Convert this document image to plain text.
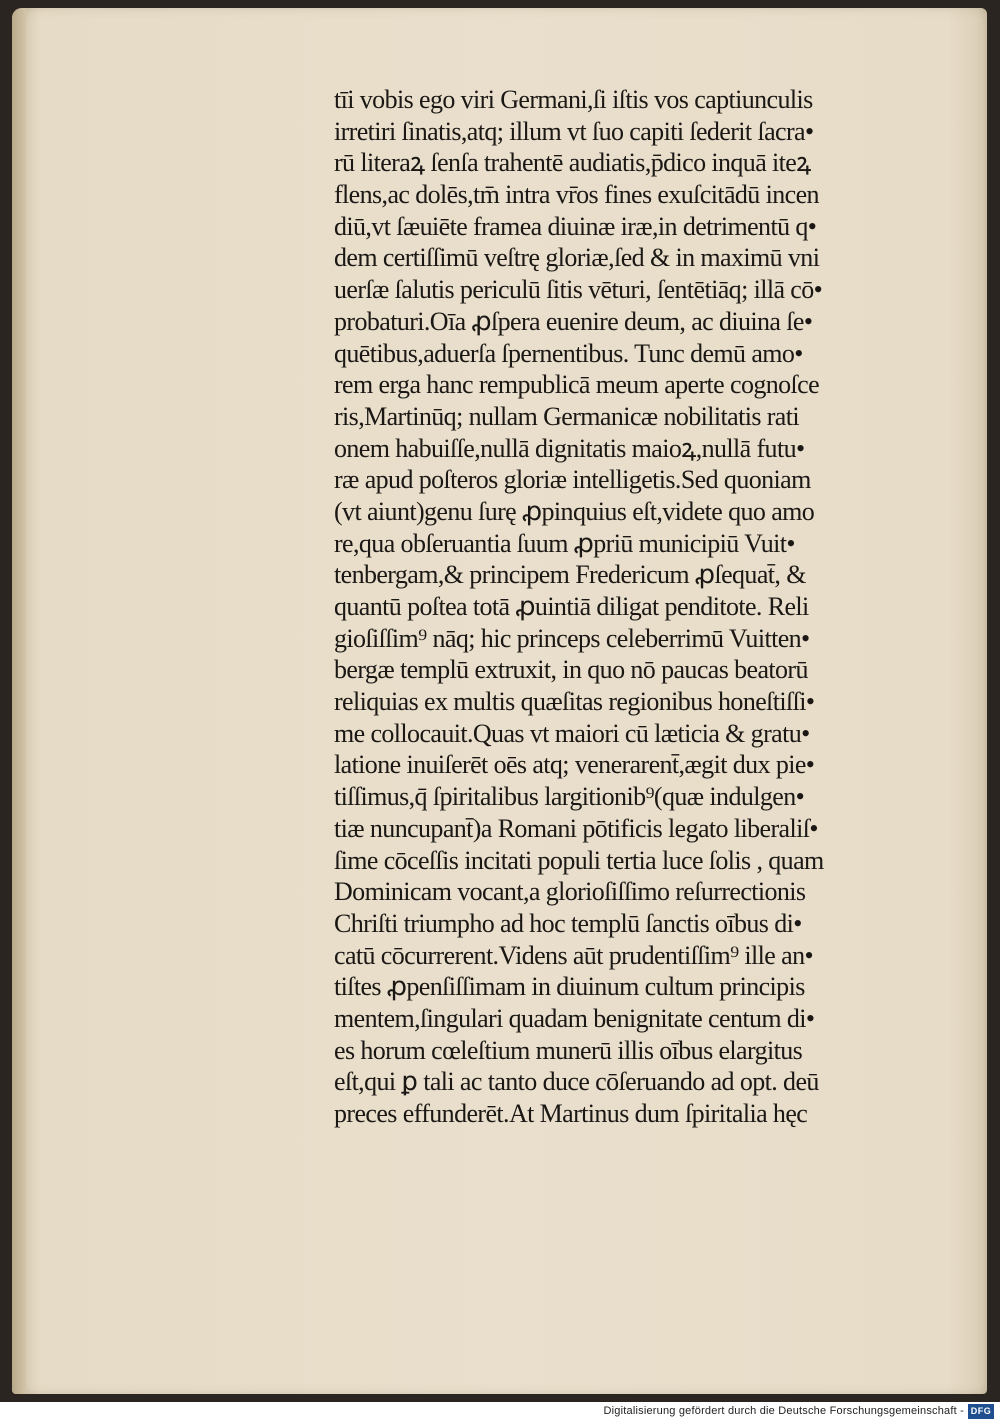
tīi vobis ego viri Germani,ſi iſtis vos captiunculis
irretiri ſinatis,atq; illum vt ſuo capiti ſederit ſacra•
rū literaꝝ ſenſa trahentē audiatis,p̄dico inquā iteꝝ
flens,ac dolēs,tm̄ intra vr̄os fines exuſcitādū incen
diū,vt ſæuiēte framea diuinæ iræ,in detrimentū q•
dem certiſſimū veſtrę gloriæ,ſed & in maximū vni
uerſæ ſalutis periculū ſitis vēturi, ſentētiāq; illā cō•
probaturi.Oīa ꝓſpera euenire deum, ac diuina ſe•
quētibus,aduerſa ſpernentibus. Tunc demū amo•
rem erga hanc rempublicā meum aperte cognoſce
ris,Martinūq; nullam Germanicæ nobilitatis rati
onem habuiſſe,nullā dignitatis maioꝝ,nullā futu•
ræ apud poſteros gloriæ intelligetis.Sed quoniam
(vt aiunt)genu ſurę ꝓpinquius eſt,videte quo amo
re,qua obſeruantia ſuum ꝓpriū municipiū Vuit•
tenbergam,& principem Fredericum ꝓſequat̄, &
quantū poſtea totā ꝓuintiā diligat penditote. Reli
gioſiſſim⁹ nāq; hic princeps celeberrimū Vuitten•
bergæ templū extruxit, in quo nō paucas beatorū
reliquias ex multis quæſitas regionibus honeſtiſſi•
me collocauit.Quas vt maiori cū læticia & gratu•
latione inuiſerēt oēs atq; venerarent̄,ægit dux pie•
tiſſimus,q̄ ſpiritalibus largitionib⁹(quæ indulgen•
tiæ nuncupant̄)a Romani pōtificis legato liberaliſ•
ſime cōceſſis incitati populi tertia luce ſolis , quam
Dominicam vocant,a glorioſiſſimo reſurrectionis
Chriſti triumpho ad hoc templū ſanctis oībus di•
catū cōcurrerent.Videns aūt prudentiſſim⁹ ille an•
tiſtes ꝓpenſiſſimam in diuinum cultum principis
mentem,ſingulari quadam benignitate centum di•
es horum cœleſtium munerū illis oībus elargitus
eſt,qui ꝑ tali ac tanto duce cōſeruando ad opt. deū
preces effunderēt.At Martinus dum ſpiritalia hęc
Digitalisierung gefördert durch die Deutsche Forschungsgemeinschaft - DFG
